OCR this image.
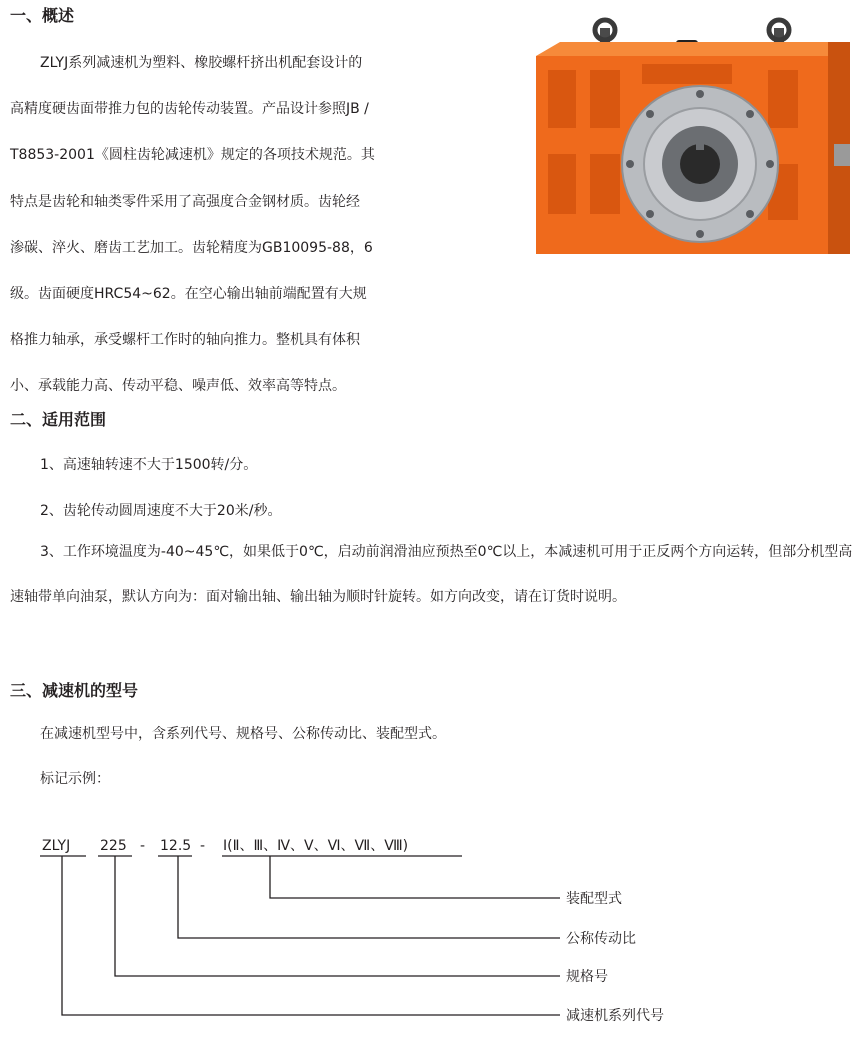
一、概述
ZLYJ系列减速机为塑料、橡胶螺杆挤出机配套设计的
高精度硬齿面带推力包的齿轮传动装置。产品设计参照JB /
T8853-2001《圆柱齿轮减速机》规定的各项技术规范。其
特点是齿轮和轴类零件采用了高强度合金钢材质。齿轮经
渗碳、淬火、磨齿工艺加工。齿轮精度为GB10095-88，6
级。齿面硬度HRC54~62。在空心输出轴前端配置有大规
格推力轴承，承受螺杆工作时的轴向推力。整机具有体积
小、承载能力高、传动平稳、噪声低、效率高等特点。
二、适用范围

1、高速轴转速不大于1500转/分。

2、齿轮传动圆周速度不大于20米/秒。

3、工作环境温度为-40~45℃，如果低于0℃，启动前润滑油应预热至0℃以上，本减速机可用于正反两个方向运转，但部分机型高速轴带单向油泵，默认方向为：面对输出轴、输出轴为顺时针旋转。如方向改变，请在订货时说明。

三、减速机的型号

在减速机型号中，含系列代号、规格号、公称传动比、装配型式。

标记示例：

ZLYJ 225 - 12.5 - Ⅰ(Ⅱ、Ⅲ、Ⅳ、Ⅴ、Ⅵ、Ⅶ、Ⅷ)
装配型式
公称传动比
规格号
减速机系列代号
